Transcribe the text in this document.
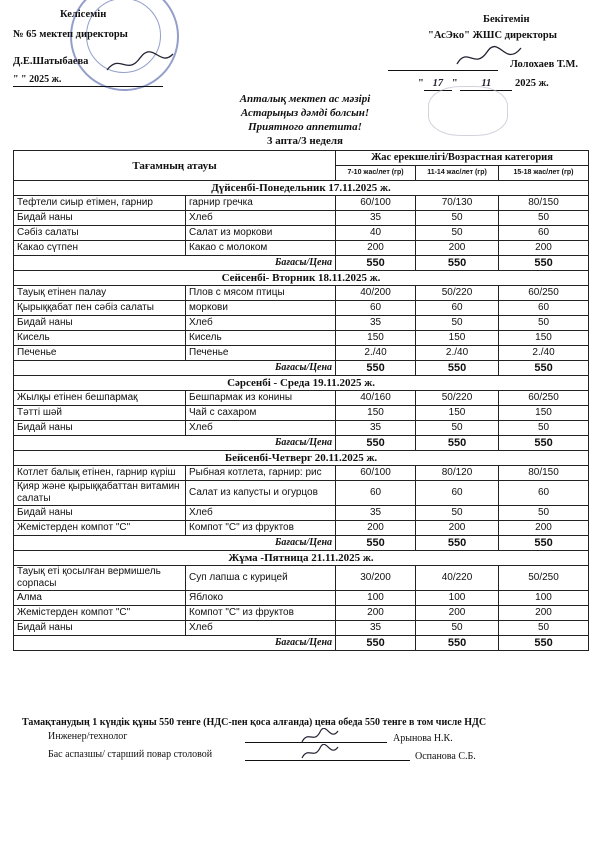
Келісемін
№ 65 мектеп директоры
Д.Е.Шатыбаева
" " 2025 ж.
Бекітемін
"АсЭко" ЖШС директоры
Лолохаев Т.М.
" 17 " 11 2025 ж.
Апталық мектеп ас мәзірі
Астарыңыз дәмді болсын!
Приятного аппетита!
3 апта/3 неделя
Тағамның атауы		Жас ерекшелігі/Возрастная категория		
		7-10 жас/лет (гр)	11-14 жас/лет (гр)	15-18 жас/лет (гр)
Дүйсенбі-Понедельник 17.11.2025 ж.				
Тефтели сиыр етімен, гарнир	гарнир гречка	60/100	70/130	80/150
Бидай наны	Хлеб	35	50	50
Сәбіз салаты	Салат из моркови	40	50	60
Какао сүтпен	Какао с молоком	200	200	200
Бағасы/Цена		550	550	550
Сейсенбі- Вторник 18.11.2025 ж.				
Тауық етінен палау	Плов с мясом птицы	40/200	50/220	60/250
Қырыққабат пен сәбіз салаты	моркови	60	60	60
Бидай наны	Хлеб	35	50	50
Кисель	Кисель	150	150	150
Печенье	Печенье	2./40	2./40	2./40
Бағасы/Цена		550	550	550
Сәрсенбі - Среда 19.11.2025 ж.				
Жылқы етінен бешпармақ	Бешпармак из конины	40/160	50/220	60/250
Тәтті шәй	Чай с сахаром	150	150	150
Бидай наны	Хлеб	35	50	50
Бағасы/Цена		550	550	550
Бейсенбі-Четверг 20.11.2025 ж.				
Котлет балық етінен, гарнир күріш	Рыбная котлета, гарнир: рис	60/100	80/120	80/150
Қияр және қырыққабаттан витамин салаты	Салат из капусты и огурцов	60	60	60
Бидай наны	Хлеб	35	50	50
Жемістерден компот "С"	Компот "С" из фруктов	200	200	200
Бағасы/Цена		550	550	550
Жұма -Пятница 21.11.2025 ж.				
Тауық еті қосылған вермишель сорпасы	Суп лапша с курицей	30/200	40/220	50/250
Алма	Яблоко	100	100	100
Жемістерден компот "С"	Компот "С" из фруктов	200	200	200
Бидай наны	Хлеб	35	50	50
Бағасы/Цена		550	550	550
Тамақтанудың 1 күндік құны 550 тенге (НДС-пен қоса алғанда) цена обеда 550 тенге в том числе НДС
Инженер/технолог	Арынова Н.К.
Бас аспазшы/ старший повар столовой	Оспанова С.Б.
